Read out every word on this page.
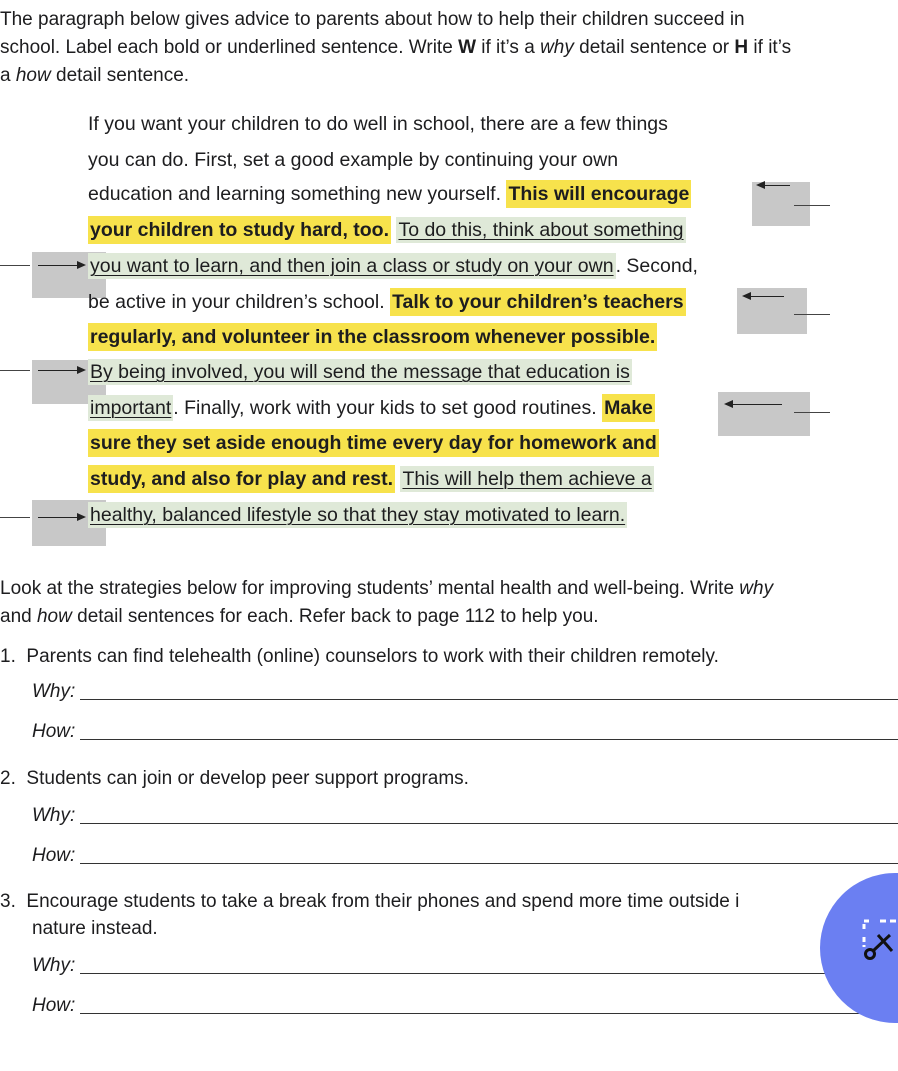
The paragraph below gives advice to parents about how to help their children succeed in
school. Label each bold or underlined sentence. Write W if it’s a why detail sentence or H if it’s
a how detail sentence.
If you want your children to do well in school, there are a few things
you can do. First, set a good example by continuing your own
education and learning something new yourself. This will encourage
your children to study hard, too. To do this, think about something
you want to learn, and then join a class or study on your own . Second,
be active in your children’s school. Talk to your children’s teachers
regularly, and volunteer in the classroom whenever possible.
By being involved, you will send the message that education is
important . Finally, work with your kids to set good routines. Make
sure they set aside enough time every day for homework and
study, and also for play and rest. This will help them achieve a
healthy, balanced lifestyle so that they stay motivated to learn.
Look at the strategies below for improving students’ mental health and well-being. Write why
and how detail sentences for each. Refer back to page 112 to help you.
1. Parents can find telehealth (online) counselors to work with their children remotely.
Why:
How:
2. Students can join or develop peer support programs.
Why:
How:
3. Encourage students to take a break from their phones and spend more time outside i
nature instead.
Why:
How:
